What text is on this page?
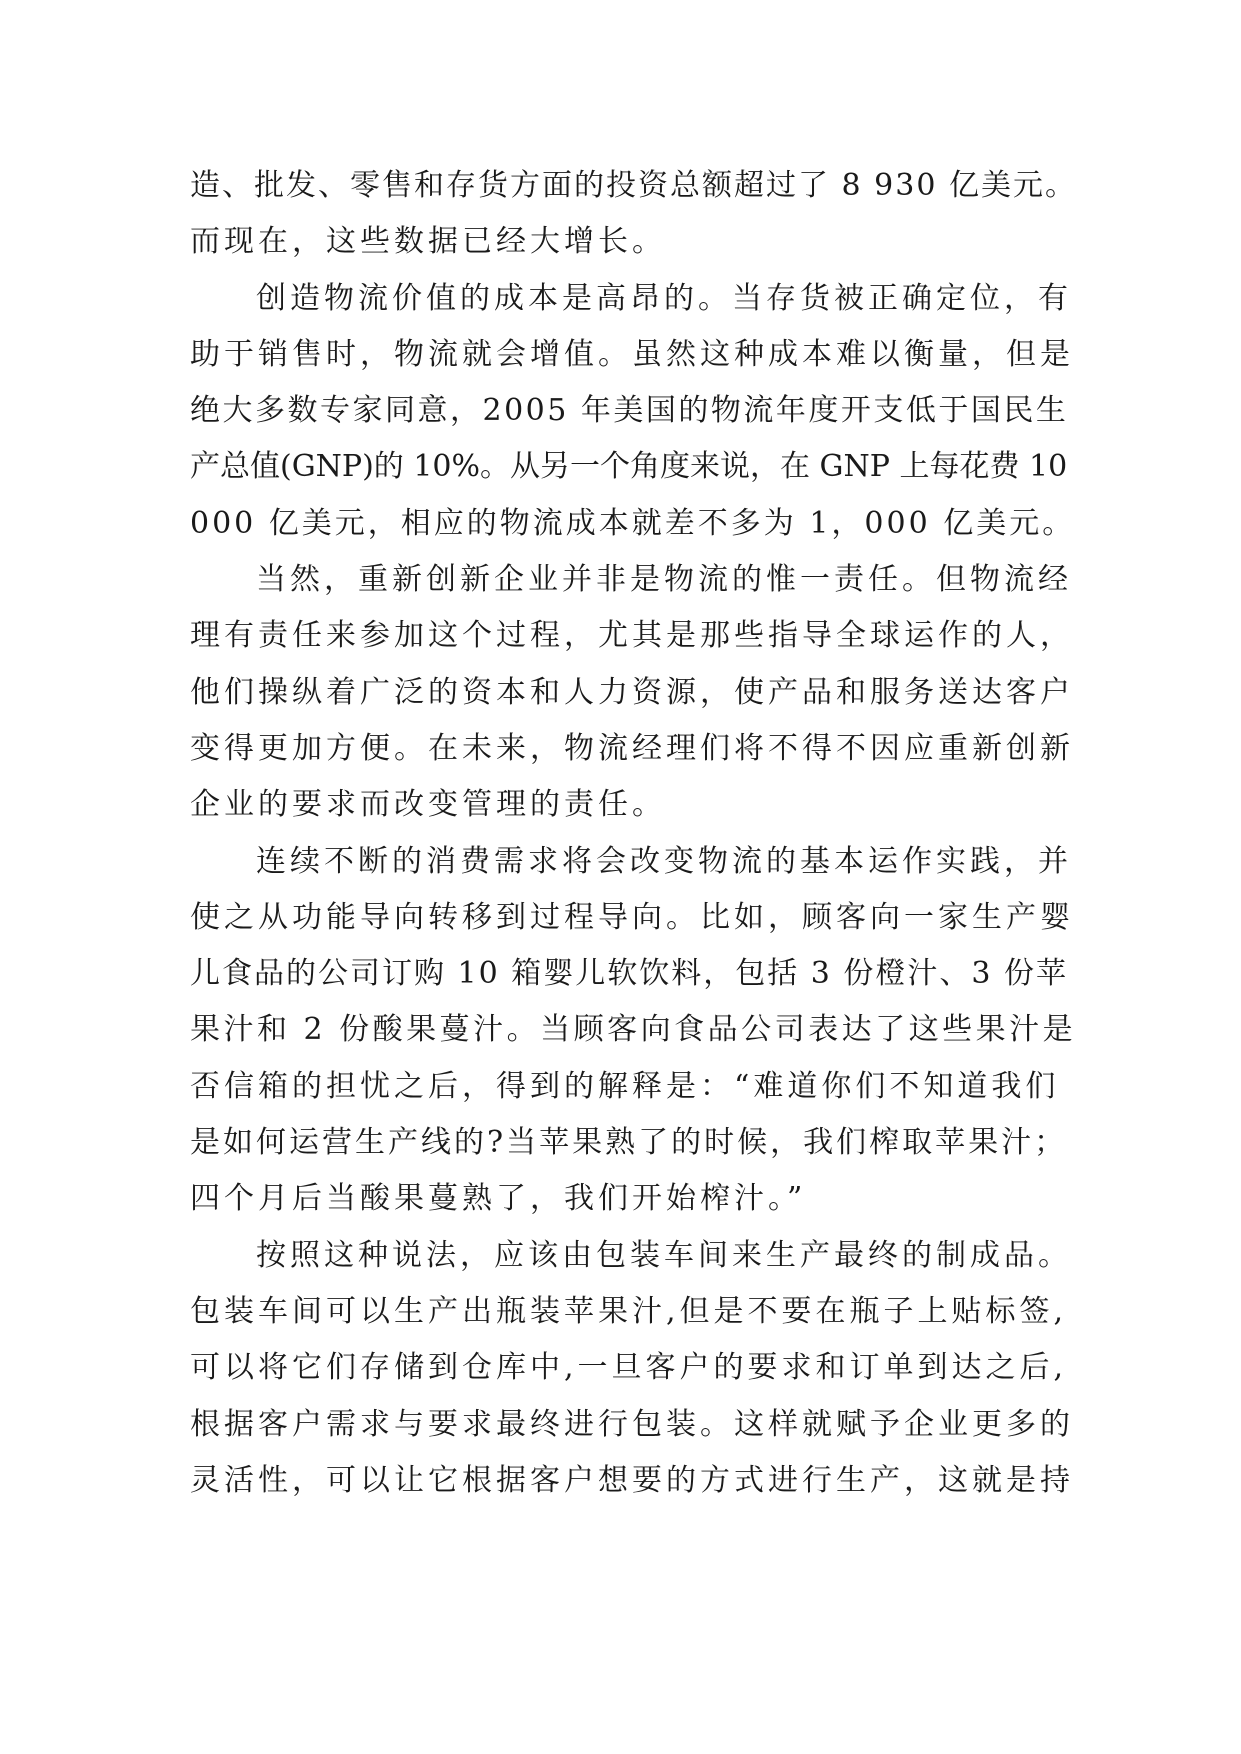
造、批发、零售和存货方面的投资总额超过了 8 930 亿美元。
而现在，这些数据已经大增长。
创造物流价值的成本是高昂的。当存货被正确定位，有
助于销售时，物流就会增值。虽然这种成本难以衡量，但是
绝大多数专家同意，2005 年美国的物流年度开支低于国民生
产总值(GNP)的 10%。从另一个角度来说，在 GNP 上每花费 10
000 亿美元，相应的物流成本就差不多为 1，000 亿美元。
当然，重新创新企业并非是物流的惟一责任。但物流经
理有责任来参加这个过程，尤其是那些指导全球运作的人，
他们操纵着广泛的资本和人力资源，使产品和服务送达客户
变得更加方便。在未来，物流经理们将不得不因应重新创新
企业的要求而改变管理的责任。
连续不断的消费需求将会改变物流的基本运作实践，并
使之从功能导向转移到过程导向。比如，顾客向一家生产婴
儿食品的公司订购 10 箱婴儿软饮料，包括 3 份橙汁、3 份苹
果汁和 2 份酸果蔓汁。当顾客向食品公司表达了这些果汁是
否信箱的担忧之后，得到的解释是：“难道你们不知道我们
是如何运营生产线的?当苹果熟了的时候，我们榨取苹果汁；
四个月后当酸果蔓熟了，我们开始榨汁。”
按照这种说法，应该由包装车间来生产最终的制成品。
包装车间可以生产出瓶装苹果汁,但是不要在瓶子上贴标签,
可以将它们存储到仓库中,一旦客户的要求和订单到达之后,
根据客户需求与要求最终进行包装。这样就赋予企业更多的
灵活性，可以让它根据客户想要的方式进行生产，这就是持
